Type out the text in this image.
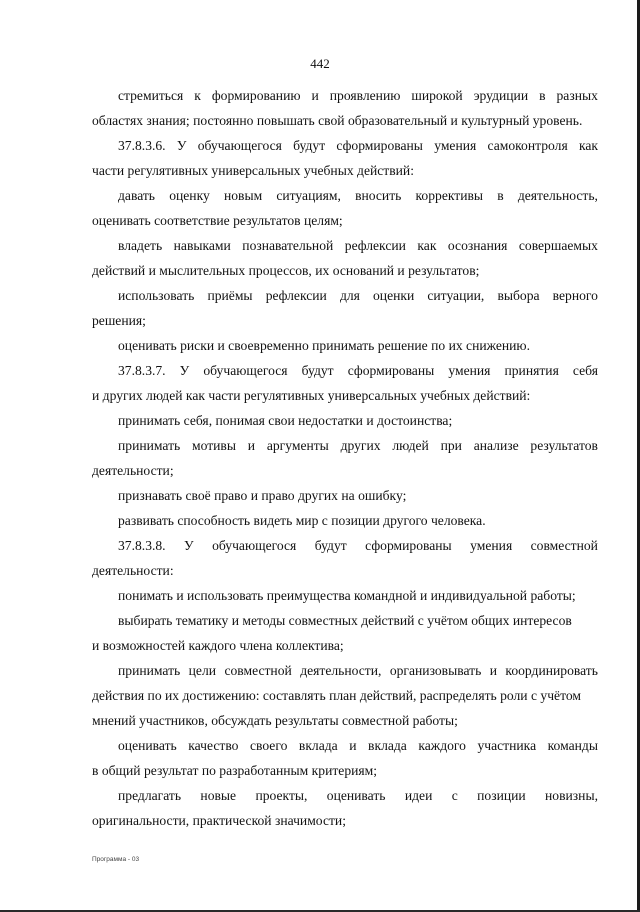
442
стремиться к формированию и проявлению широкой эрудиции в разных
областях знания; постоянно повышать свой образовательный и культурный уровень.
37.8.3.6. У обучающегося будут сформированы умения самоконтроля как
части регулятивных универсальных учебных действий:
давать оценку новым ситуациям, вносить коррективы в деятельность,
оценивать соответствие результатов целям;
владеть навыками познавательной рефлексии как осознания совершаемых
действий и мыслительных процессов, их оснований и результатов;
использовать приёмы рефлексии для оценки ситуации, выбора верного
решения;
оценивать риски и своевременно принимать решение по их снижению.
37.8.3.7. У обучающегося будут сформированы умения принятия себя
и других людей как части регулятивных универсальных учебных действий:
принимать себя, понимая свои недостатки и достоинства;
принимать мотивы и аргументы других людей при анализе результатов
деятельности;
признавать своё право и право других на ошибку;
развивать способность видеть мир с позиции другого человека.
37.8.3.8. У обучающегося будут сформированы умения совместной
деятельности:
понимать и использовать преимущества командной и индивидуальной работы;
выбирать тематику и методы совместных действий с учётом общих интересов
и возможностей каждого члена коллектива;
принимать цели совместной деятельности, организовывать и координировать
действия по их достижению: составлять план действий, распределять роли с учётом
мнений участников, обсуждать результаты совместной работы;
оценивать качество своего вклада и вклада каждого участника команды
в общий результат по разработанным критериям;
предлагать новые проекты, оценивать идеи с позиции новизны,
оригинальности, практической значимости;
Программа - 03
